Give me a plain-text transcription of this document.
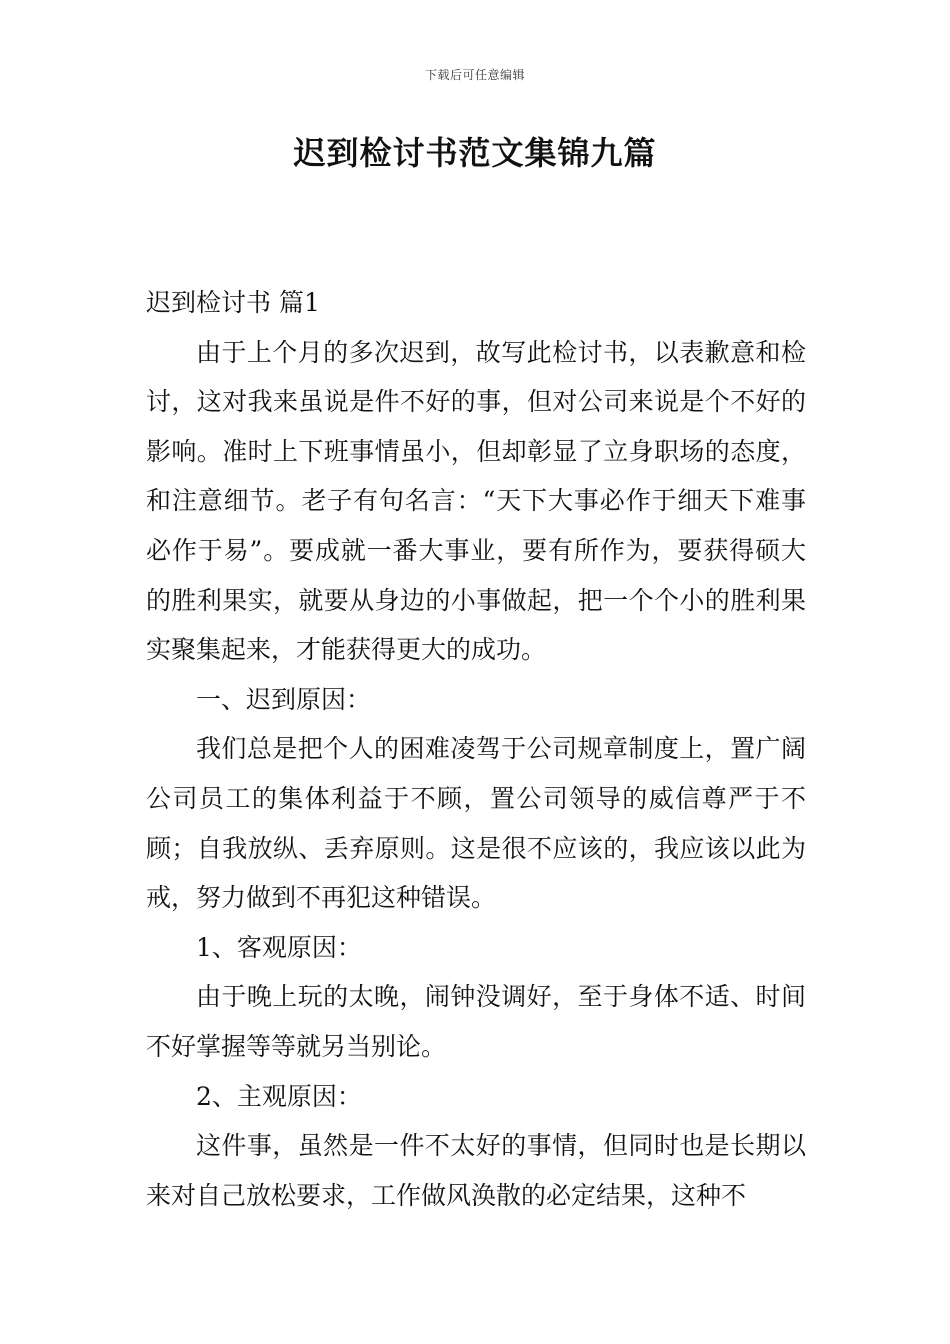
下载后可任意编辑
迟到检讨书范文集锦九篇

迟到检讨书 篇1

由于上个月的多次迟到，故写此检讨书，以表歉意和检讨，这对我来虽说是件不好的事，但对公司来说是个不好的影响。准时上下班事情虽小，但却彰显了立身职场的态度，和注意细节。老子有句名言：“天下大事必作于细天下难事必作于易”。要成就一番大事业，要有所作为，要获得硕大的胜利果实，就要从身边的小事做起，把一个个小的胜利果实聚集起来，才能获得更大的成功。

一、迟到原因：

我们总是把个人的困难凌驾于公司规章制度上，置广阔公司员工的集体利益于不顾，置公司领导的威信尊严于不顾；自我放纵、丢弃原则。这是很不应该的，我应该以此为戒，努力做到不再犯这种错误。

1、客观原因：

由于晚上玩的太晚，闹钟没调好，至于身体不适、时间不好掌握等等就另当别论。

2、主观原因：

这件事，虽然是一件不太好的事情，但同时也是长期以来对自己放松要求，工作做风涣散的必定结果，这种不
